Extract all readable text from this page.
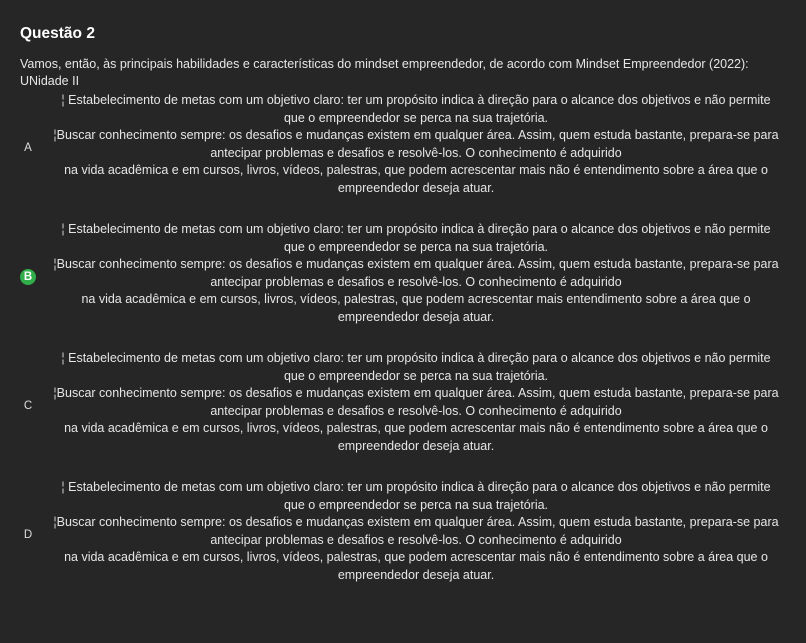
Questão 2
Vamos, então, às principais habilidades e características do mindset empreendedor, de acordo com Mindset Empreendedor (2022):
UNidade II
A

¦ Estabelecimento de metas com um objetivo claro: ter um propósito indica à direção para o alcance dos objetivos e não permite que o empreendedor se perca na sua trajetória.

¦Buscar conhecimento sempre: os desafios e mudanças existem em qualquer área. Assim, quem estuda bastante, prepara-se para antecipar problemas e desafios e resolvê-los. O conhecimento é adquirido

na vida acadêmica e em cursos, livros, vídeos, palestras, que podem acrescentar mais não é entendimento sobre a área que o empreendedor deseja atuar.

B

¦ Estabelecimento de metas com um objetivo claro: ter um propósito indica à direção para o alcance dos objetivos e não permite que o empreendedor se perca na sua trajetória.

¦Buscar conhecimento sempre: os desafios e mudanças existem em qualquer área. Assim, quem estuda bastante, prepara-se para antecipar problemas e desafios e resolvê-los. O conhecimento é adquirido

na vida acadêmica e em cursos, livros, vídeos, palestras, que podem acrescentar mais entendimento sobre a área que o empreendedor deseja atuar.

C

¦ Estabelecimento de metas com um objetivo claro: ter um propósito indica à direção para o alcance dos objetivos e não permite que o empreendedor se perca na sua trajetória.

¦Buscar conhecimento sempre: os desafios e mudanças existem em qualquer área. Assim, quem estuda bastante, prepara-se para antecipar problemas e desafios e resolvê-los. O conhecimento é adquirido

na vida acadêmica e em cursos, livros, vídeos, palestras, que podem acrescentar mais não é entendimento sobre a área que o empreendedor deseja atuar.

D

¦ Estabelecimento de metas com um objetivo claro: ter um propósito indica à direção para o alcance dos objetivos e não permite que o empreendedor se perca na sua trajetória.

¦Buscar conhecimento sempre: os desafios e mudanças existem em qualquer área. Assim, quem estuda bastante, prepara-se para antecipar problemas e desafios e resolvê-los. O conhecimento é adquirido

na vida acadêmica e em cursos, livros, vídeos, palestras, que podem acrescentar mais não é entendimento sobre a área que o empreendedor deseja atuar.
